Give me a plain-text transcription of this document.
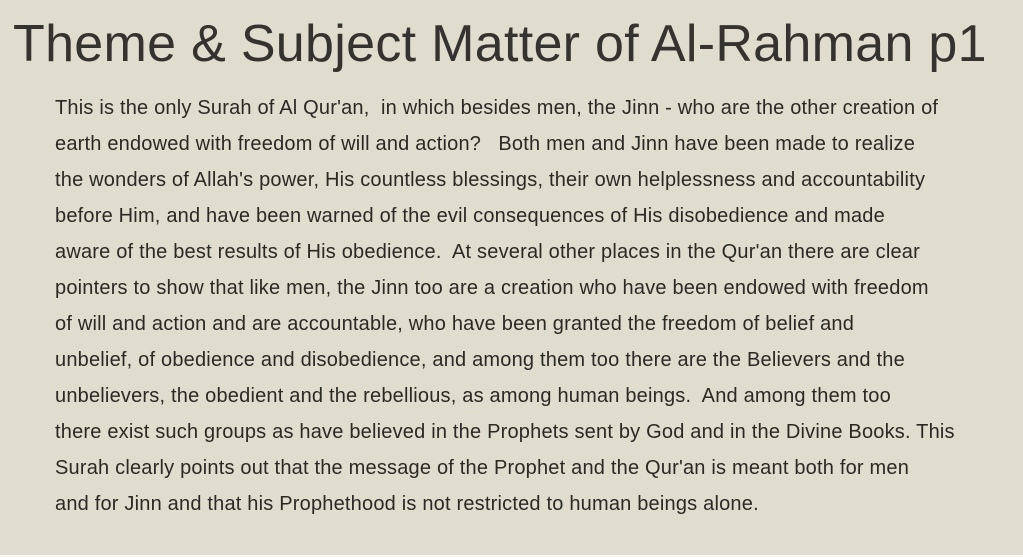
Theme & Subject Matter of Al-Rahman p1
This is the only Surah of Al Qur'an,  in which besides men, the Jinn - who are the other creation of
earth endowed with freedom of will and action?   Both men and Jinn have been made to realize
the wonders of Allah's power, His countless blessings, their own helplessness and accountability
before Him, and have been warned of the evil consequences of His disobedience and made
aware of the best results of His obedience.  At several other places in the Qur'an there are clear
pointers to show that like men, the Jinn too are a creation who have been endowed with freedom
of will and action and are accountable, who have been granted the freedom of belief and
unbelief, of obedience and disobedience, and among them too there are the Believers and the
unbelievers, the obedient and the rebellious, as among human beings.  And among them too
there exist such groups as have believed in the Prophets sent by God and in the Divine Books. This
Surah clearly points out that the message of the Prophet and the Qur'an is meant both for men
and for Jinn and that his Prophethood is not restricted to human beings alone.
